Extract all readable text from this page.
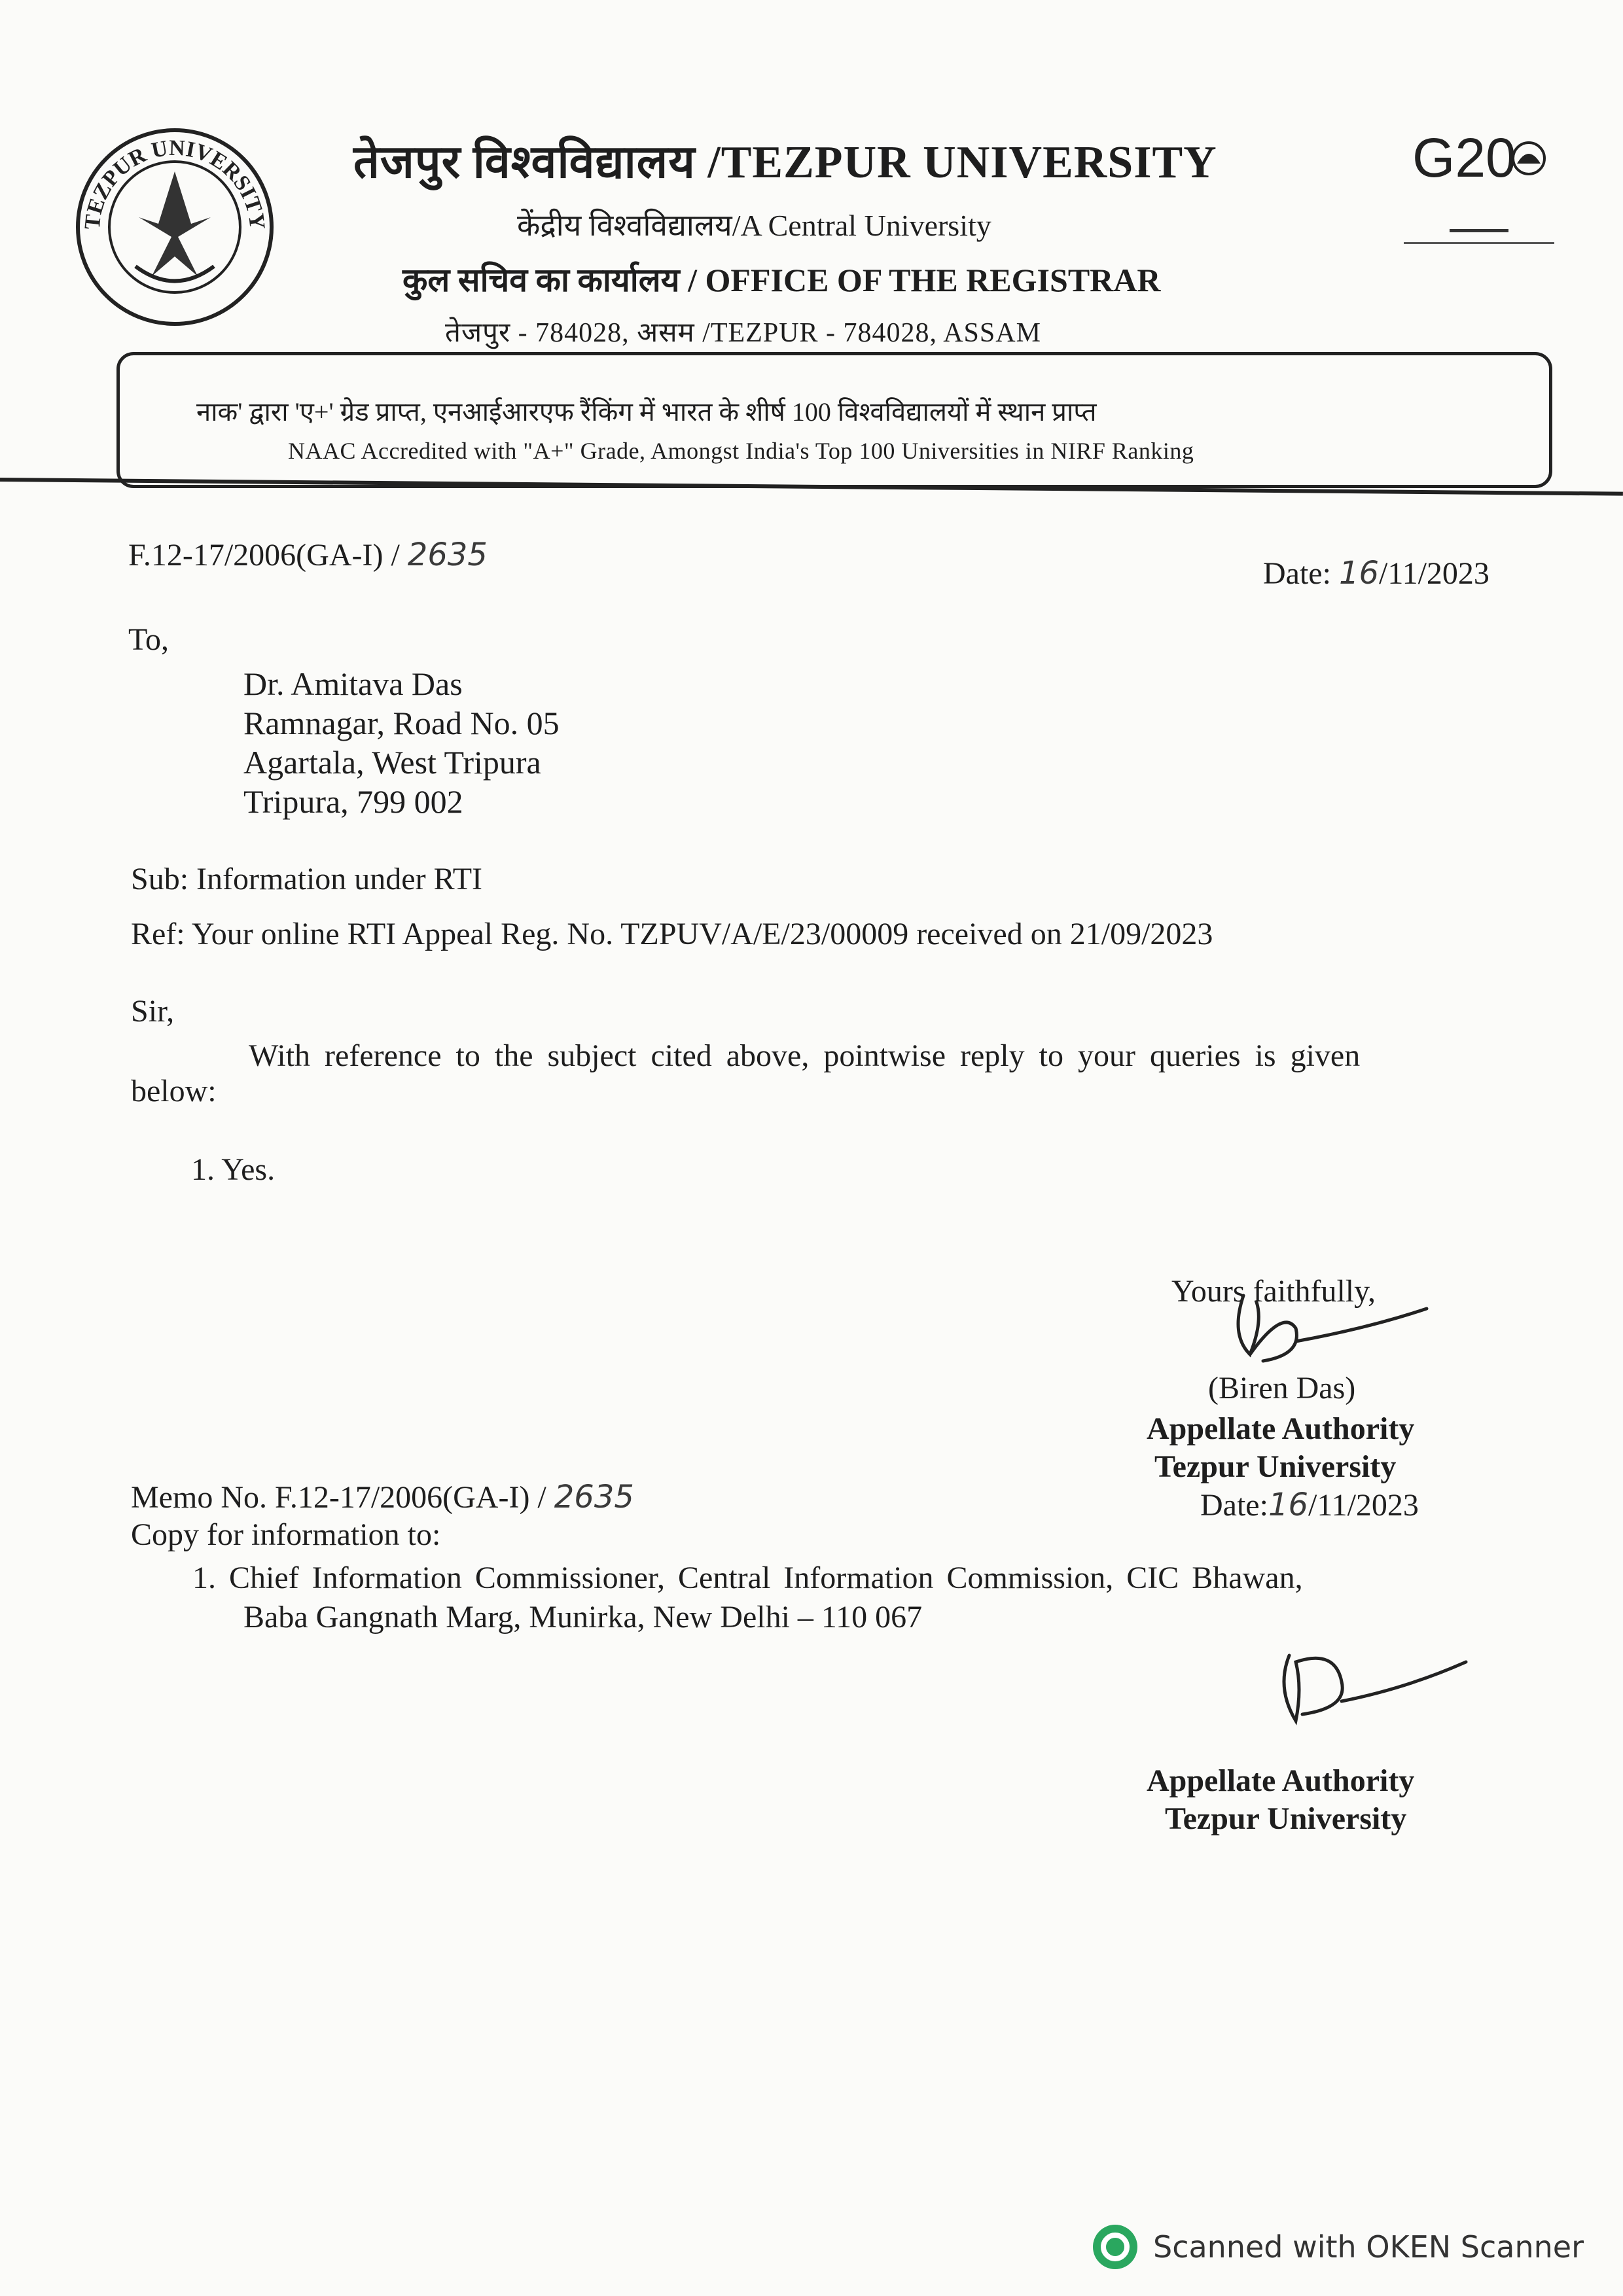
TEZPUR UNIVERSITY
तेजपुर विश्वविद्यालय /TEZPUR UNIVERSITY
केंद्रीय विश्वविद्यालय/A Central University
कुल सचिव का कार्यालय / OFFICE OF THE REGISTRAR
तेजपुर - 784028, असम /TEZPUR - 784028, ASSAM
G20
नाक' द्वारा 'ए+' ग्रेड प्राप्त, एनआईआरएफ रैंकिंग में भारत के शीर्ष 100 विश्वविद्यालयों में स्थान प्राप्त
NAAC Accredited with "A+" Grade, Amongst India's Top 100 Universities in NIRF Ranking
F.12-17/2006(GA-I) / 2635
Date: 16/11/2023
To,
Dr. Amitava Das
Ramnagar, Road No. 05
Agartala, West Tripura
Tripura, 799 002
Sub: Information under RTI
Ref: Your online RTI Appeal Reg. No. TZPUV/A/E/23/00009 received on 21/09/2023
Sir,
With reference to the subject cited above, pointwise reply to your queries is given
below:
1. Yes.
Yours faithfully,
(Biren Das)
Appellate Authority
Tezpur University
Date:16/11/2023
Memo No. F.12-17/2006(GA-I) / 2635
Copy for information to:
1. Chief Information Commissioner, Central Information Commission, CIC Bhawan,
Baba Gangnath Marg, Munirka, New Delhi – 110 067
Appellate Authority
Tezpur University
Scanned with OKEN Scanner
